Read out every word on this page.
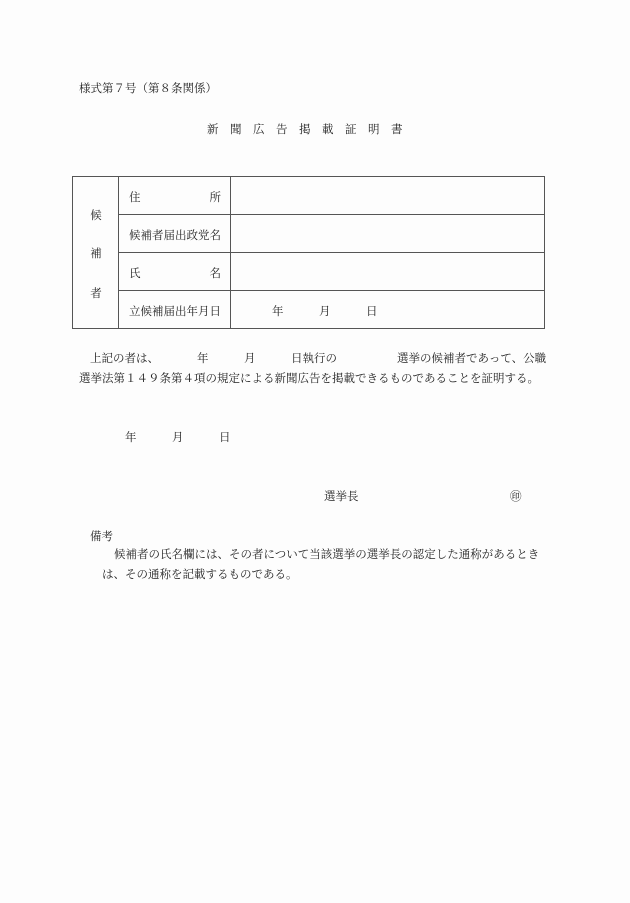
様式第７号（第８条関係）
新聞広告掲載証明書
候
補
者
住	所
候補者届出政党名
氏	名
立候補届出年月日	年	月	日
上記の者は、	年	月	日執行の	選挙の候補者であって、公職
選挙法第１４９条第４項の規定による新聞広告を掲載できるものであることを証明する。
年	月	日
選挙長	㊞
備考
候補者の氏名欄には、その者について当該選挙の選挙長の認定した通称があるとき
は、その通称を記載するものである。
